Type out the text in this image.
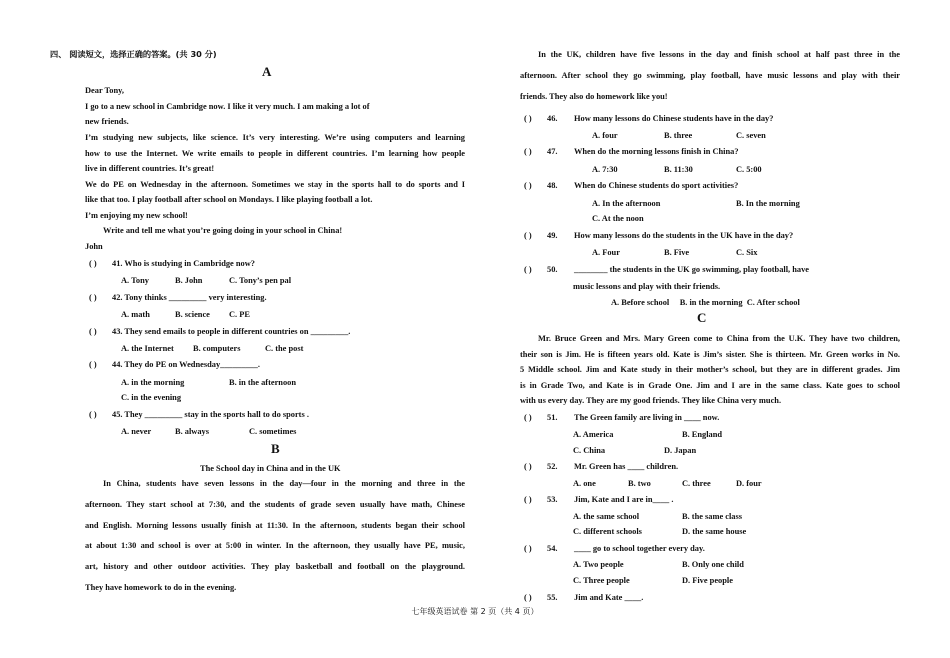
四、 阅读短文，选择正确的答案。(共 30 分)
A
Dear Tony,
I go to a new school in Cambridge now. I like it very much. I am making a lot of
new friends.
I’m studying new subjects, like science. It’s very interesting. We’re using computers and learning
how to use the Internet. We write emails to people in different countries. I’m learning how people
live in different countries. It’s great!
We do PE on Wednesday in the afternoon. Sometimes we stay in the sports hall to do sports and I
like that too. I play football after school on Mondays. I like playing football a lot.
I’m enjoying my new school!
Write and tell me what you’re going doing in your school in China!
John
( ) 41. Who is studying in Cambridge now?
A. Tony	B. John	C. Tony’s pen pal
( ) 42. Tony thinks _________ very interesting.
A. math	B. science C. PE
( ) 43. They send emails to people in different countries on _________.
A. the Internet B. computers	C. the post
( ) 44. They do PE on Wednesday_________.
A. in the morning	B. in the afternoon
C. in the evening
( ) 45. They _________ stay in the sports hall to do sports .
A. never	B. always	C. sometimes
B
The School day in China and in the UK
In China, students have seven lessons in the day—four in the morning and three in the
afternoon. They start school at 7:30, and the students of grade seven usually have math, Chinese
and English. Morning lessons usually finish at 11:30. In the afternoon, students began their school
at about 1:30 and school is over at 5:00 in winter. In the afternoon, they usually have PE, music,
art, history and other outdoor activities. They play basketball and football on the playground.
They have homework to do in the evening.
In the UK, children have five lessons in the day and finish school at half past three in the
afternoon. After school they go swimming, play football, have music lessons and play with their
friends. They also do homework like you!
( ) 46. How many lessons do Chinese students have in the day?
A. four	B. three	C. seven
( ) 47. When do the morning lessons finish in China?
A. 7:30	B. 11:30	C. 5:00
( ) 48. When do Chinese students do sport activities?
A. In the afternoon	B. In the morning
C. At the noon
( ) 49. How many lessons do the students in the UK have in the day?
A. Four	B. Five	C. Six
( ) 50. ________ the students in the UK go swimming, play football, have
music lessons and play with their friends.
A. Before school     B. in the morning  C. After school
C
Mr. Bruce Green and Mrs. Mary Green come to China from the U.K. They have two children,
their son is Jim. He is fifteen years old. Kate is Jim’s sister. She is thirteen. Mr. Green works in No.
5 Middle school. Jim and Kate study in their mother’s school, but they are in different grades. Jim
is in Grade Two, and Kate is in Grade One. Jim and I are in the same class. Kate goes to school
with us every day. They are my good friends. They like China very much.
( ) 51. The Green family are living in ____ now.
A. America	B. England
C. China	D. Japan
( ) 52. Mr. Green has ____ children.
A. one	B. two	C. three	D. four
( ) 53. Jim, Kate and I are in____ .
A. the same school	B. the same class
C. different schools	D. the same house
( ) 54. ____ go to school together every day.
A. Two people	B. Only one child
C. Three people	D. Five people
( ) 55. Jim and Kate ____.
七年级英语试卷 第 2 页（共 4 页）
